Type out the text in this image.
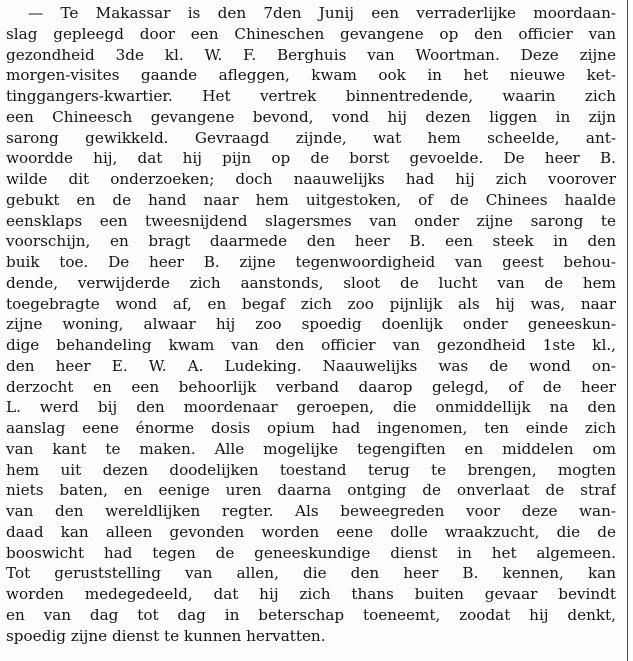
— Te Makassar is den 7den Junij een verraderlijke moordaan-
slag gepleegd door een Chineschen gevangene op den officier van
gezondheid 3de kl. W. F. Berghuis van Woortman. Deze zijne
morgen-visites gaande afleggen, kwam ook in het nieuwe ket-
tinggangers-kwartier. Het vertrek binnentredende, waarin zich
een Chineesch gevangene bevond, vond hij dezen liggen in zijn
sarong gewikkeld. Gevraagd zijnde, wat hem scheelde, ant-
woordde hij, dat hij pijn op de borst gevoelde. De heer B.
wilde dit onderzoeken; doch naauwelijks had hij zich voorover
gebukt en de hand naar hem uitgestoken, of de Chinees haalde
eensklaps een tweesnijdend slagersmes van onder zijne sarong te
voorschijn, en bragt daarmede den heer B. een steek in den
buik toe. De heer B. zijne tegenwoordigheid van geest behou-
dende, verwijderde zich aanstonds, sloot de lucht van de hem
toegebragte wond af, en begaf zich zoo pijnlijk als hij was, naar
zijne woning, alwaar hij zoo spoedig doenlijk onder geneeskun-
dige behandeling kwam van den officier van gezondheid 1ste kl.,
den heer E. W. A. Ludeking. Naauwelijks was de wond on-
derzocht en een behoorlijk verband daarop gelegd, of de heer
L. werd bij den moordenaar geroepen, die onmiddellijk na den
aanslag eene énorme dosis opium had ingenomen, ten einde zich
van kant te maken. Alle mogelijke tegengiften en middelen om
hem uit dezen doodelijken toestand terug te brengen, mogten
niets baten, en eenige uren daarna ontging de onverlaat de straf
van den wereldlijken regter. Als beweegreden voor deze wan-
daad kan alleen gevonden worden eene dolle wraakzucht, die de
booswicht had tegen de geneeskundige dienst in het algemeen.
Tot geruststelling van allen, die den heer B. kennen, kan
worden medegedeeld, dat hij zich thans buiten gevaar bevindt
en van dag tot dag in beterschap toeneemt, zoodat hij denkt,
spoedig zijne dienst te kunnen hervatten.
